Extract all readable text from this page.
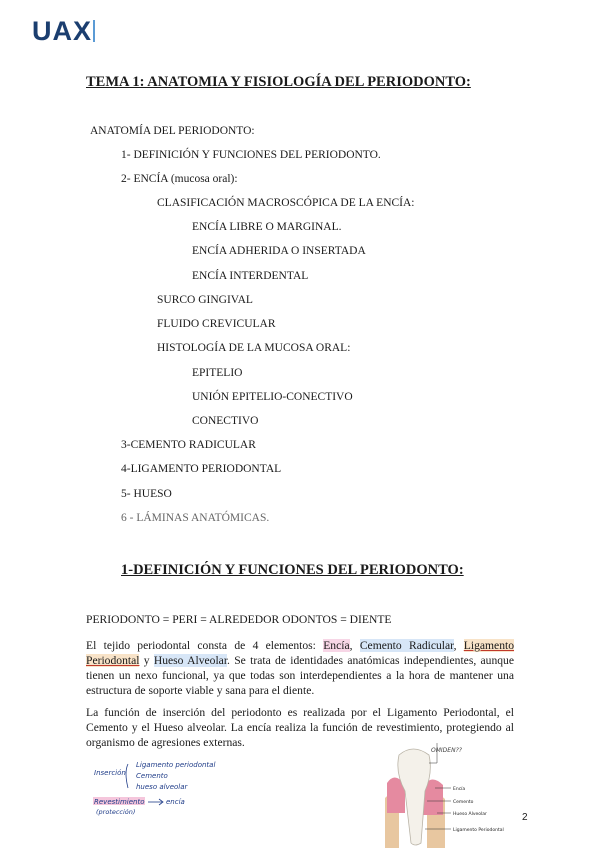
UAX
TEMA 1: ANATOMIA Y FISIOLOGÍA DEL PERIODONTO:
ANATOMÍA DEL PERIODONTO:
1- DEFINICIÓN Y FUNCIONES DEL PERIODONTO.
2- ENCÍA (mucosa oral):
CLASIFICACIÓN MACROSCÓPICA DE LA ENCÍA:
ENCÍA LIBRE O MARGINAL.
ENCÍA ADHERIDA O INSERTADA
ENCÍA INTERDENTAL
SURCO GINGIVAL
FLUIDO CREVICULAR
HISTOLOGÍA DE LA MUCOSA ORAL:
EPITELIO
UNIÓN EPITELIO-CONECTIVO
CONECTIVO
3-CEMENTO RADICULAR
4-LIGAMENTO PERIODONTAL
5- HUESO
6 - LÁMINAS ANATÓMICAS.
1-DEFINICIÓN Y FUNCIONES DEL PERIODONTO:
PERIODONTO = PERI = ALREDEDOR ODONTOS = DIENTE
El tejido periodontal consta de 4 elementos: Encía, Cemento Radicular, Ligamento Periodontal y Hueso Alveolar. Se trata de identidades anatómicas independientes, aunque tienen un nexo funcional, ya que todas son interdependientes a la hora de mantener una estructura de soporte viable y sana para el diente.
La función de inserción del periodonto es realizada por el Ligamento Periodontal, el Cemento y el Hueso alveolar. La encía realiza la función de revestimiento, protegiendo al organismo de agresiones externas.
Inserción
Ligamento periodontal
Cemento
hueso alveolar
Revestimiento
(protección)
encía
OMIDEN??
Encía
Cemento
Hueso Alveolar
Ligamento Periodontal
2
